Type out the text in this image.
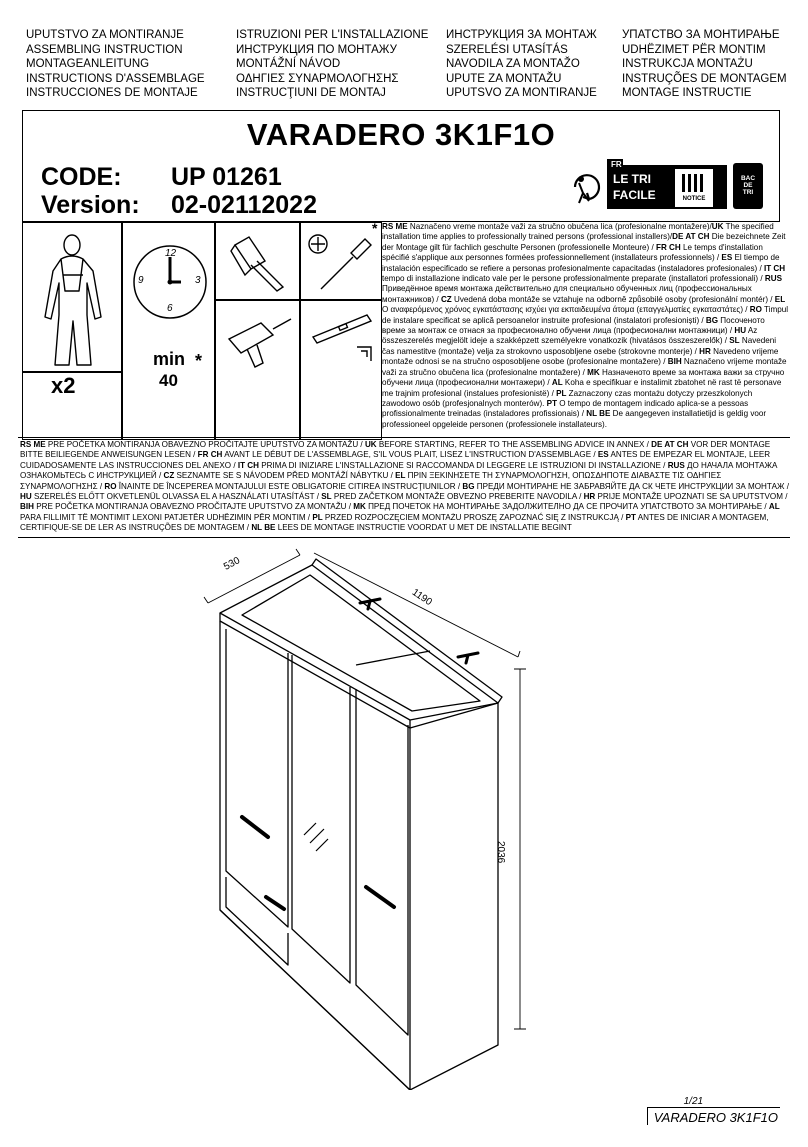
UPUTSTVO ZA MONTIRANJE
ASSEMBLING INSTRUCTION
MONTAGEANLEITUNG
INSTRUCTIONS D'ASSEMBLAGE
INSTRUCCIONES DE MONTAJE
ISTRUZIONI PER L'INSTALLAZIONE
ИНСТРУКЦИЯ ПО МОНТАЖУ
MONTÁŽNÍ NÁVOD
ΟΔΗΓΙΕΣ ΣΥΝΑΡΜΟΛΟΓΗΣΗΣ
INSTRUCŢIUNI DE MONTAJ
ИНСТРУКЦИЯ ЗА МОНТАЖ
SZERELÉSI UTASÍTÁS
NAVODILA ZA MONTAŽO
UPUTE ZA MONTAŽU
UPUTSVO ZA MONTIRANJE
УПАТСТВО ЗА МОНТИРАЊЕ
UDHËZIMET PËR MONTIM
INSTRUKCJA MONTAŻU
INSTRUÇÕES DE MONTAGEM
MONTAGE INSTRUCTIE
VARADERO 3K1F1O
CODE: UP 01261
Version: 02-02112022
FR
LE TRI
FACILE	NOTICE
BAC
DE
TRI
x2
12
3
6
9
min *
40
* RS ME Naznačeno vreme montaže važi za stručno obučena lica (profesionalne montažere)/UK The specified installation time applies to professionally trained persons (professional installers)/DE AT CH Die bezeichnete Zeit der Montage gilt für fachlich geschulte Personen (professionelle Monteure) / FR CH Le temps d'installation spécifié s'applique aux personnes formées professionnellement (installateurs professionnels) / ES El tiempo de instalación especificado se refiere a personas profesionalmente capacitadas (instaladores profesionales) / IT CH tempo di installazione indicato vale per le persone professionalmente preparate (installatori professionali) / RUS Приведённое время монтажа действительно для специально обученных лиц (профессиональных монтажников) / CZ Uvedená doba montáže se vztahuje na odborně způsobilé osoby (profesionální montér) / EL Ο αναφερόμενος χρόνος εγκατάστασης ισχύει για εκπαιδευμένα άτομα (επαγγελματίες εγκαταστάτες) / RO Timpul de instalare specificat se aplică persoanelor instruite profesional (instalatori profesioniști) / BG Посоченото време за монтаж се отнася за професионално обучени лица (професионални монтажници) / HU Az összeszerelés megjelölt ideje a szakképzett személyekre vonatkozik (hivatásos összeszerelők) / SL Navedeni čas namestitve (montaže) velja za strokovno usposobljene osebe (strokovne monterje) / HR Navedeno vrijeme montaže odnosi se na stručno osposobljene osobe (profesionalne montažere) / BIH Naznačeno vrijeme montaže važi za stručno obučena lica (profesionalne montažere) / MK Назначеното време за монтажа важи за стручно обучени лица (професионални монтажери) / AL Koha e specifikuar e instalimit zbatohet në rast të personave me trajnim profesional (instalues profesionistë) / PL Zaznaczony czas montażu dotyczy przeszkolonych zawodowo osób (profesjonalnych monterów). PT O tempo de montagem indicado aplica-se a pessoas profissionalmente treinadas (instaladores profissionais) / NL BE De aangegeven installatietijd is geldig voor professioneel opgeleide personen (professionele installateurs).
RS ME PRE POČETKA MONTIRANJA OBAVEZNO PROČITAJTE UPUTSTVO ZA MONTAŽU / UK BEFORE STARTING, REFER TO THE ASSEMBLING ADVICE IN ANNEX / DE AT CH VOR DER MONTAGE BITTE BEILIEGENDE ANWEISUNGEN LESEN / FR CH AVANT LE DÉBUT DE L'ASSEMBLAGE, S'IL VOUS PLAIT, LISEZ L'INSTRUCTION D'ASSEMBLAGE / ES ANTES DE EMPEZAR EL MONTAJE, LEER CUIDADOSAMENTE LAS INSTRUCCIONES DEL ANEXO / IT CH PRIMA DI INIZIARE L'INSTALLAZIONE SI RACCOMANDA DI LEGGERE LE ISTRUZIONI DI INSTALLAZIONE / RUS ДО НАЧАЛА МОНТАЖА ОЗНАКОМЬТЕСЬ С ИНСТРУКЦИЕЙ / CZ SEZNAMTE SE S NÁVODEM PŘED MONTÁŽÍ NÁBYTKU / EL ΠΡΙΝ ΞΕΚΙΝΗΣΕΤΕ ΤΗ ΣΥΝΑΡΜΟΛΟΓΗΣΗ, ΟΠΩΣΔΗΠΟΤΕ ΔΙΑΒΑΣΤΕ ΤΙΣ ΟΔΗΓΙΕΣ ΣΥΝΑΡΜΟΛΟΓΗΣΗΣ / RO ÎNAINTE DE ÎNCEPEREA MONTAJULUI ESTE OBLIGATORIE CITIREA INSTRUCŢIUNILOR / BG ПРЕДИ МОНТИРАНЕ НЕ ЗАБРАВЯЙТЕ ДА СК ЧЕТЕ ИНСТРУКЦИИ ЗА МОНТАЖ / HU SZERELÉS ELŐTT OKVETLENÜL OLVASSA EL A HASZNÁLATI UTASÍTÁST / SL PRED ZAČETKOM MONTAŽE OBVEZNO PREBERITE NAVODILA / HR PRIJE MONTAŽE UPOZNATI SE SA UPUTSTVOM / BIH PRE POČETKA MONTIRANJA OBAVEZNO PROČITAJTE UPUTSTVO ZA MONTAŽU / MK ПРЕД ПОЧЕТОК НА МОНТИРАЊЕ ЗАДОЛЖИТЕЛНО ДА СЕ ПРОЧИТА УПАТСТВОТО ЗА МОНТИРАЊЕ / AL PARA FILLIMIT TË MONTIMIT LEXONI PATJETËR UDHËZIMIN PËR MONTIM / PL PRZED ROZPOCZĘCIEM MONTAŻU PROSZĘ ZAPOZNAĆ SIĘ Z INSTRUKCJĄ / PT ANTES DE INICIAR A MONTAGEM, CERTIFIQUE-SE DE LER AS INSTRUÇÕES DE MONTAGEM / NL BE LEES DE MONTAGE INSTRUCTIE VOORDAT U MET DE INSTALLATIE BEGINT
530
1190
2036
1/21
VARADERO 3K1F1O
